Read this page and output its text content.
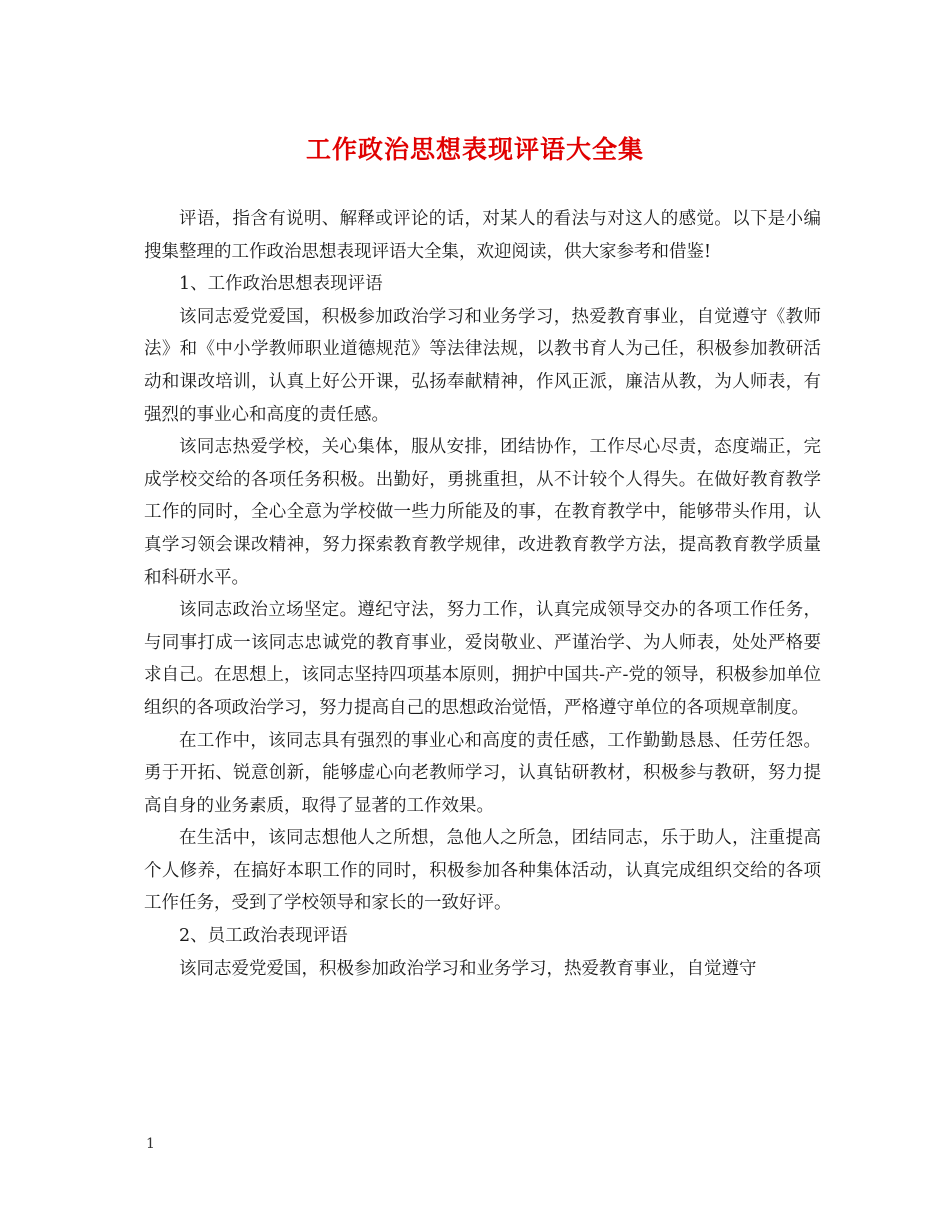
工作政治思想表现评语大全集

评语，指含有说明、解释或评论的话，对某人的看法与对这人的感觉。以下是小编搜集整理的工作政治思想表现评语大全集，欢迎阅读，供大家参考和借鉴!

1、工作政治思想表现评语

该同志爱党爱国，积极参加政治学习和业务学习，热爱教育事业，自觉遵守《教师法》和《中小学教师职业道德规范》等法律法规，以教书育人为己任，积极参加教研活动和课改培训，认真上好公开课，弘扬奉献精神，作风正派，廉洁从教，为人师表，有强烈的事业心和高度的责任感。

该同志热爱学校，关心集体，服从安排，团结协作，工作尽心尽责，态度端正，完成学校交给的各项任务积极。出勤好，勇挑重担，从不计较个人得失。在做好教育教学工作的同时，全心全意为学校做一些力所能及的事，在教育教学中，能够带头作用，认真学习领会课改精神，努力探索教育教学规律，改进教育教学方法，提高教育教学质量和科研水平。

该同志政治立场坚定。遵纪守法，努力工作，认真完成领导交办的各项工作任务，与同事打成一该同志忠诚党的教育事业，爱岗敬业、严谨治学、为人师表，处处严格要求自己。在思想上，该同志坚持四项基本原则，拥护中国共-产-党的领导，积极参加单位组织的各项政治学习，努力提高自己的思想政治觉悟，严格遵守单位的各项规章制度。

在工作中，该同志具有强烈的事业心和高度的责任感，工作勤勤恳恳、任劳任怨。勇于开拓、锐意创新，能够虚心向老教师学习，认真钻研教材，积极参与教研，努力提高自身的业务素质，取得了显著的工作效果。

在生活中，该同志想他人之所想，急他人之所急，团结同志，乐于助人，注重提高个人修养，在搞好本职工作的同时，积极参加各种集体活动，认真完成组织交给的各项工作任务，受到了学校领导和家长的一致好评。

2、员工政治表现评语

该同志爱党爱国，积极参加政治学习和业务学习，热爱教育事业，自觉遵守

1
